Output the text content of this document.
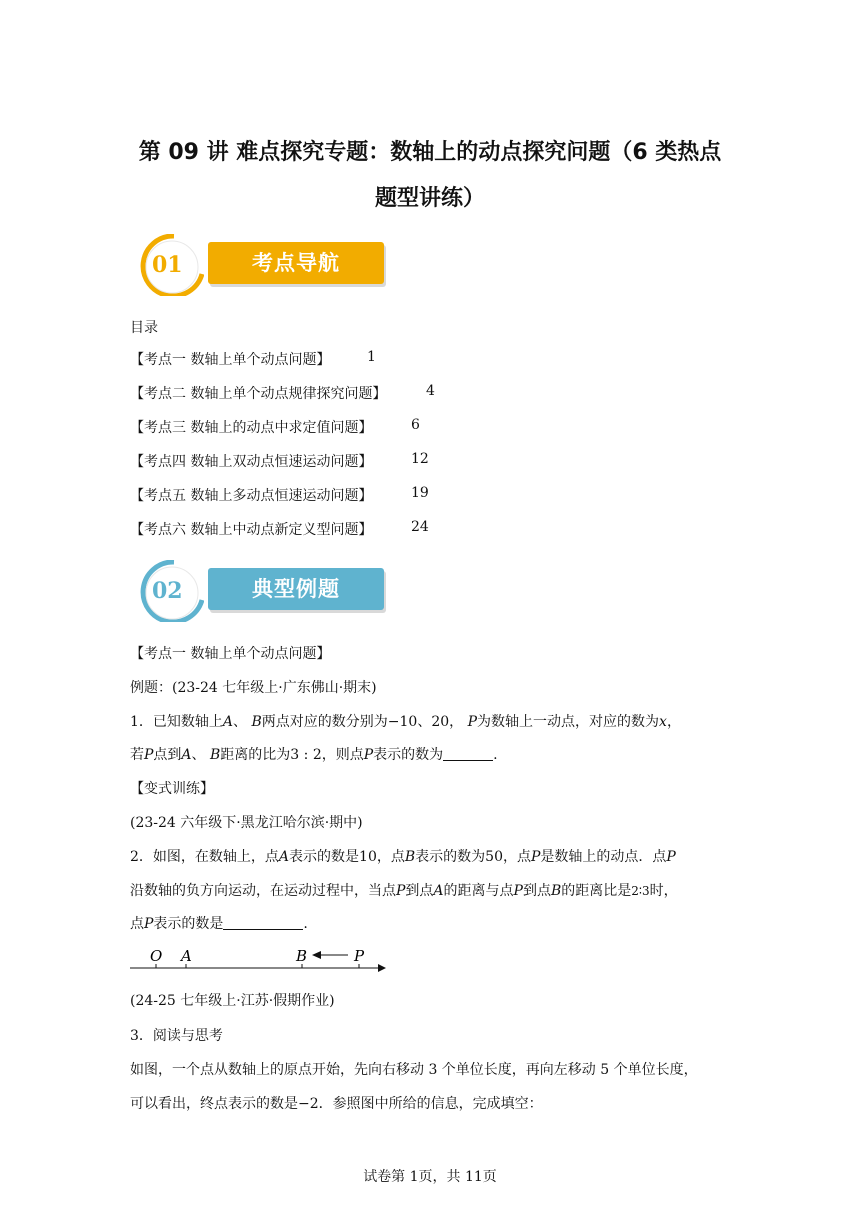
第 09 讲 难点探究专题：数轴上的动点探究问题（6 类热点
题型讲练）
01	考点导航
目录
【考点一 数轴上单个动点问题】	1
【考点二 数轴上单个动点规律探究问题】	4
【考点三 数轴上的动点中求定值问题】	6
【考点四 数轴上双动点恒速运动问题】	12
【考点五 数轴上多动点恒速运动问题】	19
【考点六 数轴上中动点新定义型问题】	24
02	典型例题
【考点一 数轴上单个动点问题】
例题：(23-24 七年级上·广东佛山·期末)
1．已知数轴上A、 B两点对应的数分别为−10、20， P为数轴上一动点，对应的数为x，
若P点到A、 B距离的比为3 : 2，则点P表示的数为	.
【变式训练】
(23-24 六年级下·黑龙江哈尔滨·期中)
2．如图，在数轴上，点A表示的数是10，点B表示的数为50，点P是数轴上的动点．点P
沿数轴的负方向运动，在运动过程中，当点P到点A的距离与点P到点B的距离比是2∶3时，
点P表示的数是	.
O A	B	P
(24-25 七年级上·江苏·假期作业)
3．阅读与思考
如图，一个点从数轴上的原点开始，先向右移动 3 个单位长度，再向左移动 5 个单位长度，
可以看出，终点表示的数是−2．参照图中所给的信息，完成填空：
试卷第 1页，共 11页
